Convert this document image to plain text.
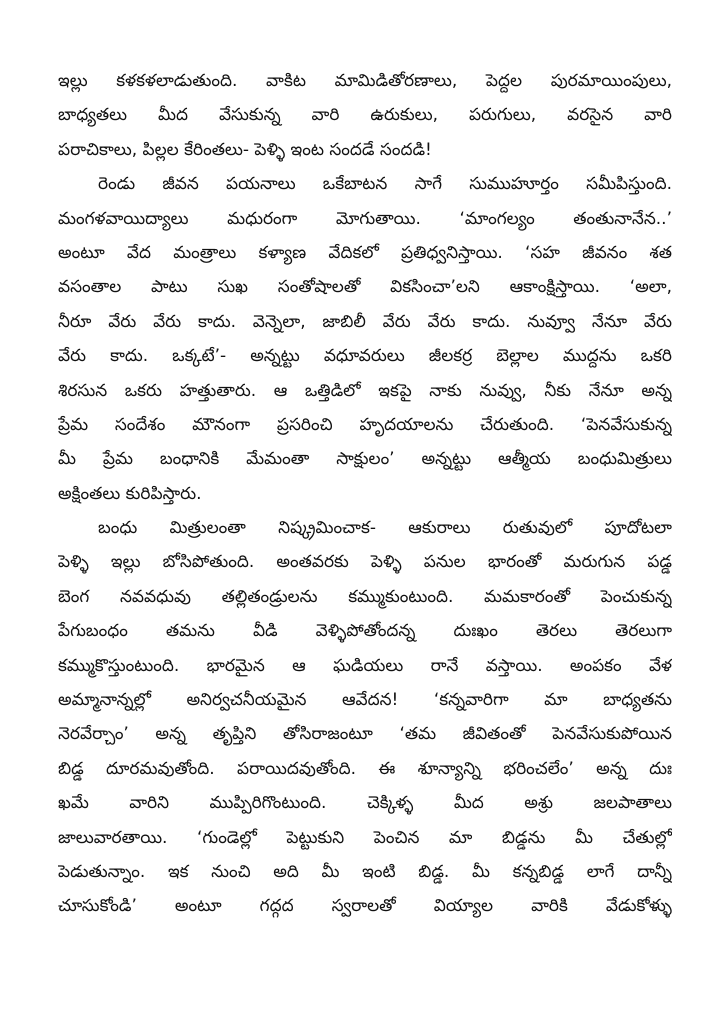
ఇల్లు కళకళలాడుతుంది. వాకిట మామిడితోరణాలు, పెద్దల పురమాయింపులు,
బాధ్యతలు మీద వేసుకున్న వారి ఉరుకులు, పరుగులు, వరసైన వారి
పరాచికాలు, పిల్లల కేరింతలు- పెళ్ళి ఇంట సందడే సందడి!
రెండు జీవన పయనాలు ఒకేబాటన సాగే సుముహూర్తం సమీపిస్తుంది.
మంగళవాయిద్యాలు మధురంగా మోగుతాయి. ‘మాంగల్యం తంతునానేన..’
అంటూ వేద మంత్రాలు కళ్యాణ వేదికలో ప్రతిధ్వనిస్తాయి. ‘సహ జీవనం శత
వసంతాల పాటు సుఖ సంతోషాలతో వికసించా’లని ఆకాంక్షిస్తాయి. ‘అలా,
నీరూ వేరు వేరు కాదు. వెన్నెలా, జాబిలీ వేరు వేరు కాదు. నువ్వూ నేనూ వేరు
వేరు కాదు. ఒక్కటే’- అన్నట్టు వధూవరులు జీలకర్ర బెల్లాల ముద్దను ఒకరి
శిరసున ఒకరు హత్తుతారు. ఆ ఒత్తిడిలో ఇకపై నాకు నువ్వు, నీకు నేనూ అన్న
ప్రేమ సందేశం మౌనంగా ప్రసరించి హృదయాలను చేరుతుంది. ‘పెనవేసుకున్న
మీ ప్రేమ బంధానికి మేమంతా సాక్షులం’ అన్నట్టు ఆత్మీయ బంధుమిత్రులు
అక్షింతలు కురిపిస్తారు.
బంధు మిత్రులంతా నిష్క్రమించాక- ఆకురాలు రుతువులో పూదోటలా
పెళ్ళి ఇల్లు బోసిపోతుంది. అంతవరకు పెళ్ళి పనుల భారంతో మరుగున పడ్డ
బెంగ నవవధువు తల్లితండ్రులను కమ్ముకుంటుంది. మమకారంతో పెంచుకున్న
పేగుబంధం తమను వీడి వెళ్ళిపోతోందన్న దుఃఖం తెరలు తెరలుగా
కమ్ముకొస్తుంటుంది. భారమైన ఆ ఘడియలు రానే వస్తాయి. అంపకం వేళ
అమ్మానాన్నల్లో అనిర్వచనీయమైన ఆవేదన! ‘కన్నవారిగా మా బాధ్యతను
నెరవేర్చాం’ అన్న తృప్తిని తోసిరాజంటూ ‘తమ జీవితంతో పెనవేసుకుపోయిన
బిడ్డ దూరమవుతోంది. పరాయిదవుతోంది. ఈ శూన్యాన్ని భరించలేం’ అన్న దుః
ఖమే వారిని ముప్పిరిగొంటుంది. చెక్కిళ్ళ మీద అశ్రు జలపాతాలు
జాలువారతాయి. ‘గుండెల్లో పెట్టుకుని పెంచిన మా బిడ్డను మీ చేతుల్లో
పెడుతున్నాం. ఇక నుంచి అది మీ ఇంటి బిడ్డ. మీ కన్నబిడ్డ లాగే దాన్నీ
చూసుకోండి’ అంటూ గద్గద స్వరాలతో వియ్యాల వారికి వేడుకోళ్ళు
